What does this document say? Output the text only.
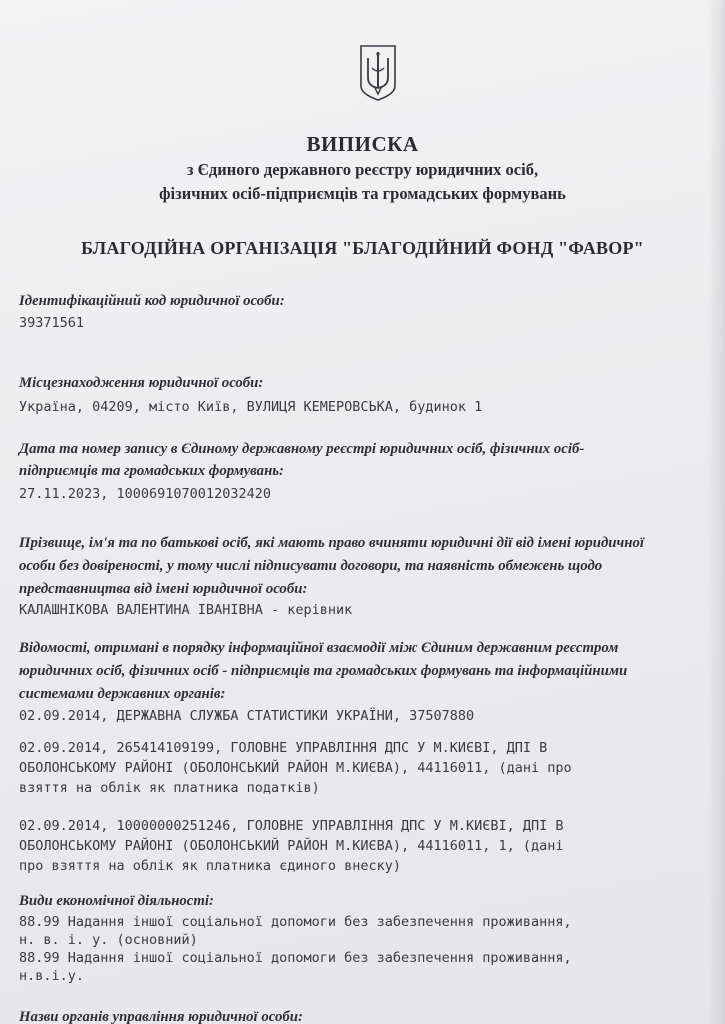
ВИПИСКА
з Єдиного державного реєстру юридичних осіб,
фізичних осіб-підприємців та громадських формувань
БЛАГОДІЙНА ОРГАНІЗАЦІЯ "БЛАГОДІЙНИЙ ФОНД "ФАВОР"
Ідентифікаційний код юридичної особи:
39371561
Місцезнаходження юридичної особи:
Україна, 04209, місто Київ, ВУЛИЦЯ КЕМЕРОВСЬКА, будинок 1
Дата та номер запису в Єдиному державному реєстрі юридичних осіб, фізичних осіб-
підприємців та громадських формувань:
27.11.2023, 1000691070012032420
Прізвище, ім'я та по батькові осіб, які мають право вчиняти юридичні дії від імені юридичної
особи без довіреності, у тому числі підписувати договори, та наявність обмежень щодо
представництва від імені юридичної особи:
КАЛАШНІКОВА ВАЛЕНТИНА ІВАНІВНА - керівник
Відомості, отримані в порядку інформаційної взаємодії між Єдиним державним реєстром
юридичних осіб, фізичних осіб - підприємців та громадських формувань та інформаційними
системами державних органів:
02.09.2014, ДЕРЖАВНА СЛУЖБА СТАТИСТИКИ УКРАЇНИ, 37507880
02.09.2014, 265414109199, ГОЛОВНЕ УПРАВЛІННЯ ДПС У М.КИЄВІ, ДПІ В
ОБОЛОНСЬКОМУ РАЙОНІ (ОБОЛОНСЬКИЙ РАЙОН М.КИЄВА), 44116011, (дані про
взяття на облік як платника податків)
02.09.2014, 10000000251246, ГОЛОВНЕ УПРАВЛІННЯ ДПС У М.КИЄВІ, ДПІ В
ОБОЛОНСЬКОМУ РАЙОНІ (ОБОЛОНСЬКИЙ РАЙОН М.КИЄВА), 44116011, 1, (дані
про взяття на облік як платника єдиного внеску)
Види економічної діяльності:
88.99 Надання іншої соціальної допомоги без забезпечення проживання,
н. в. і. у. (основний)
88.99 Надання іншої соціальної допомоги без забезпечення проживання,
н.в.і.у.
Назви органів управління юридичної особи:
